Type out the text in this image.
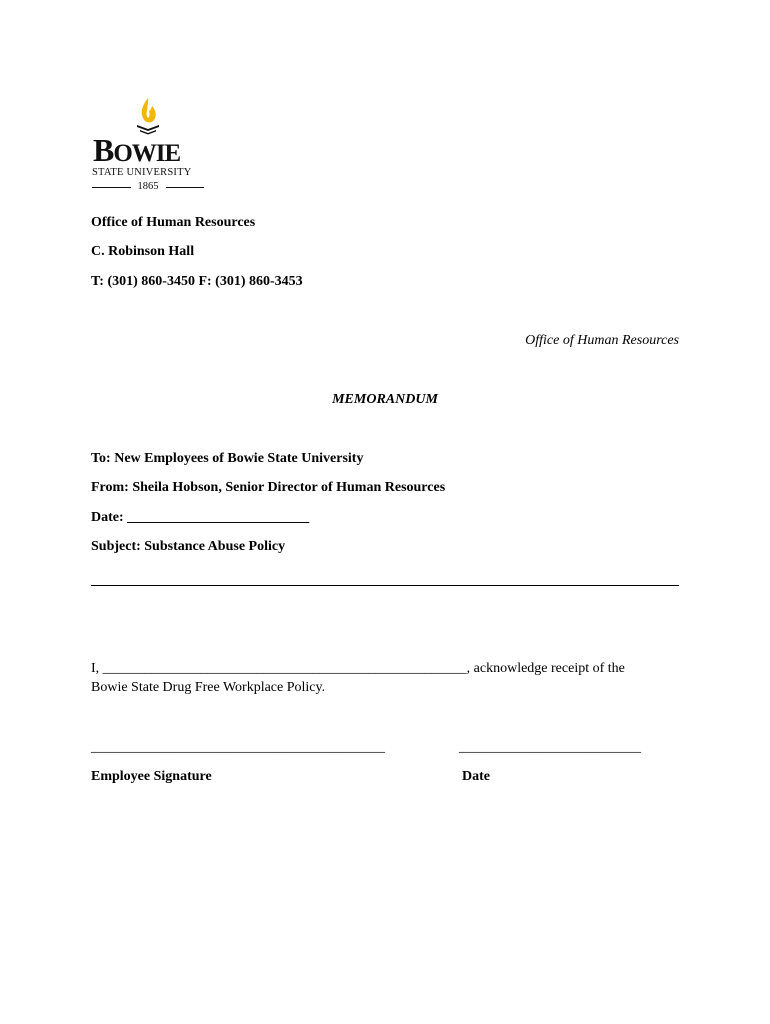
BOWIE
STATE UNIVERSITY
1865
Office of Human Resources
C. Robinson Hall
T: (301) 860-3450 F: (301) 860-3453
Office of Human Resources
MEMORANDUM
To: New Employees of Bowie State University
From: Sheila Hobson, Senior Director of Human Resources
Date: __________________________
Subject: Substance Abuse Policy
I, ____________________________________________________, acknowledge receipt of the
Bowie State Drug Free Workplace Policy.
__________________________________________	__________________________
Employee Signature	Date
